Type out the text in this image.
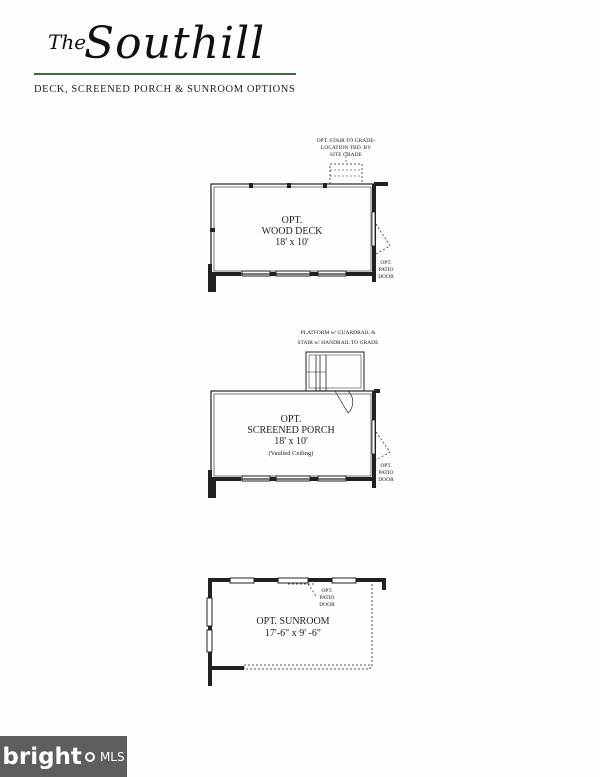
The
Southill
DECK, SCREENED PORCH & SUNROOM OPTIONS
OPT.
WOOD DECK
18' x 10'
OPT. STAIR TO GRADE-
LOCATION TBD. BY
SITE GRADE
OPT.
PATIO
DOOR
PLATFORM w/ GUARDRAIL &
STAIR w/ HANDRAIL TO GRADE
OPT.
SCREENED PORCH
18' x 10'
(Vaulted Ceiling)
OPT.
PATIO
DOOR
OPT.
PATIO
DOOR
OPT. SUNROOM
17'-6" x 9' -6"
bright MLS
